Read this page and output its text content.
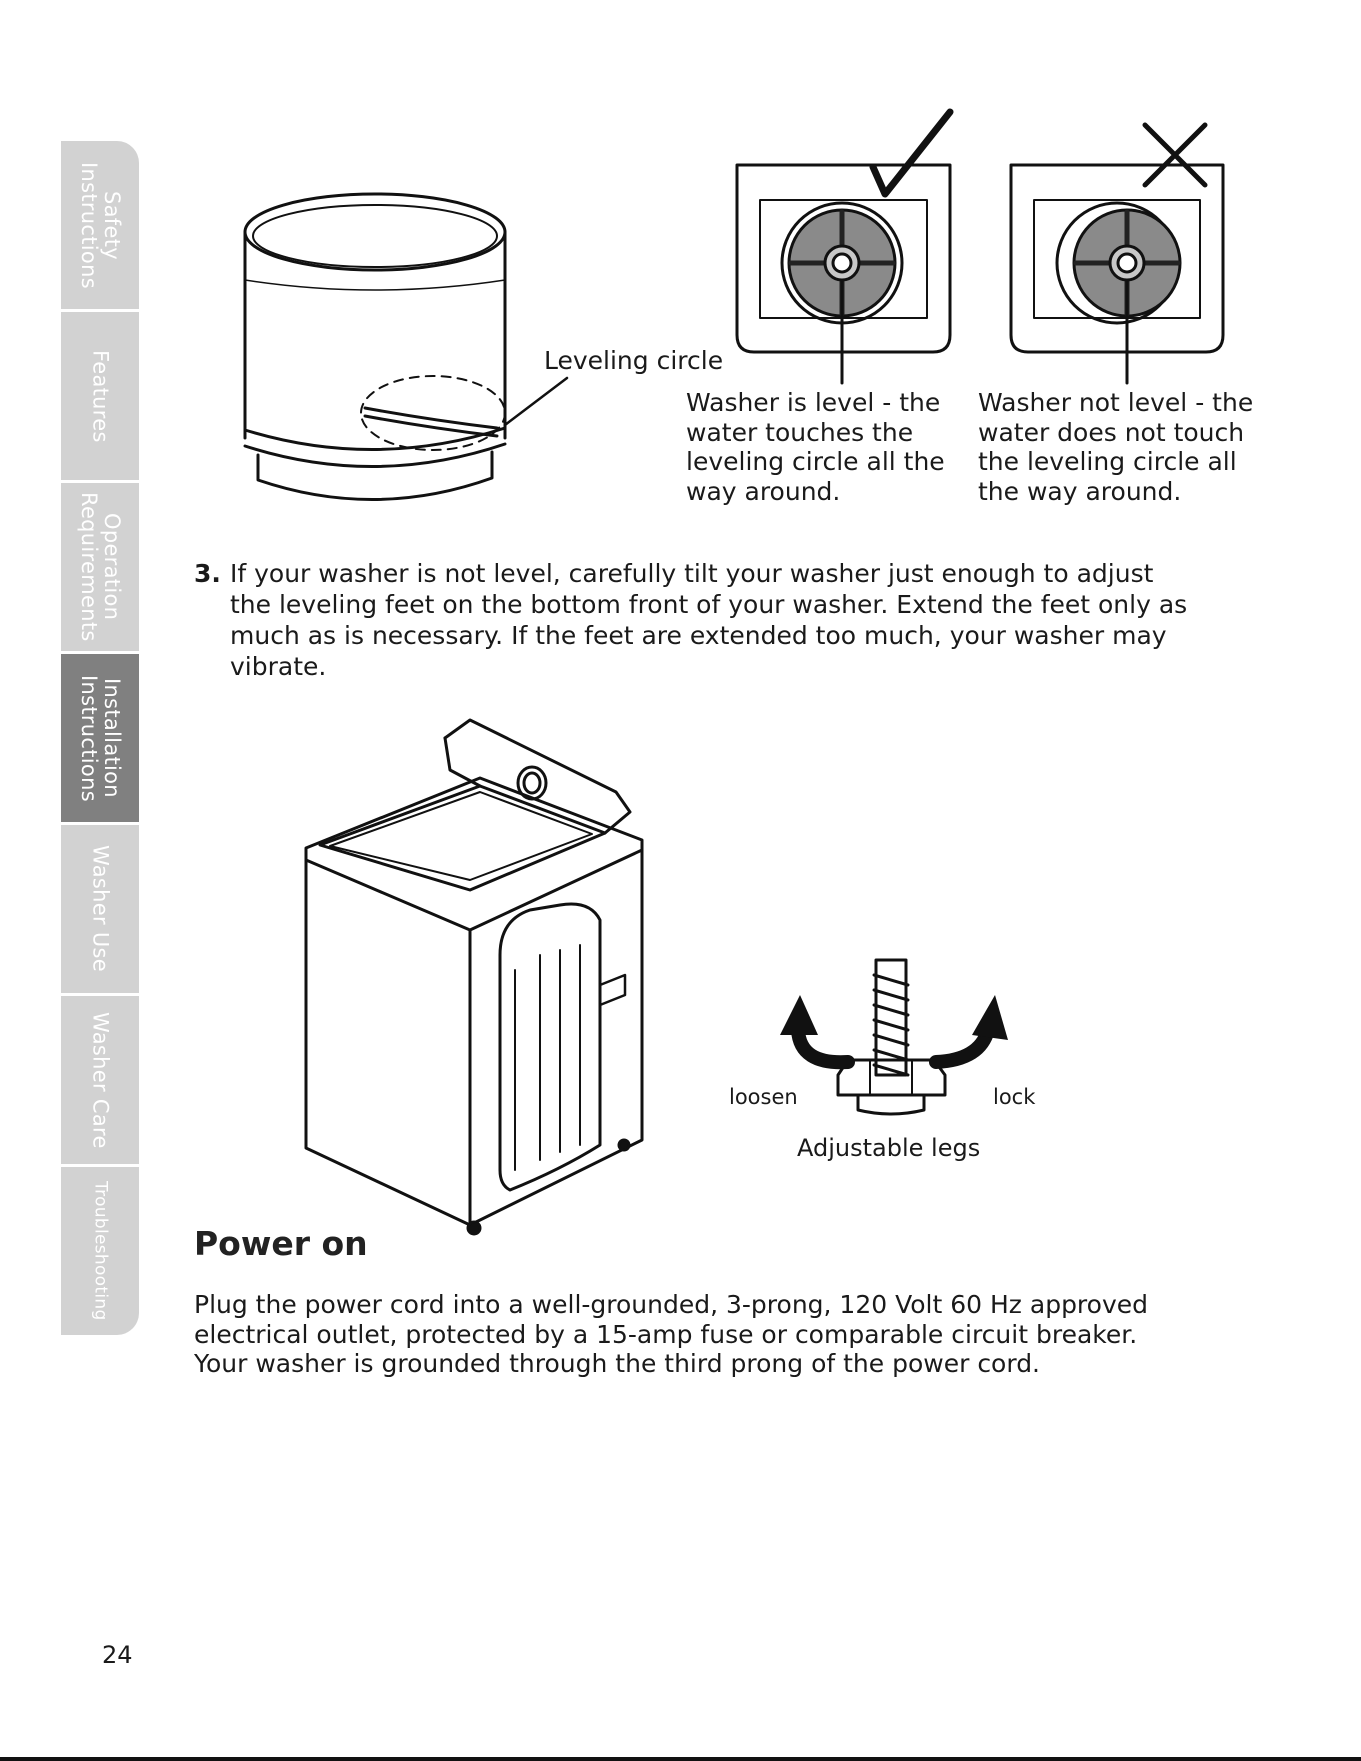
Safety
Instructions
Features
Operation
Requirements
Installation
Instructions
Washer Use
Washer Care
Troubleshooting
Leveling circle
Washer is level - the
water touches the
leveling circle all the
way around.
Washer not level - the
water does not touch
the leveling circle all
the way around.
3. If your washer is not level, carefully tilt your washer just enough to adjust the leveling feet on the bottom front of your washer. Extend the feet only as much as is necessary. If the feet are extended too much, your washer may vibrate.
loosen	lock
Adjustable legs
Power on
Plug the power cord into a well-grounded, 3-prong, 120 Volt 60 Hz approved electrical outlet, protected by a 15-amp fuse or comparable circuit breaker. Your washer is grounded through the third prong of the power cord.
24
